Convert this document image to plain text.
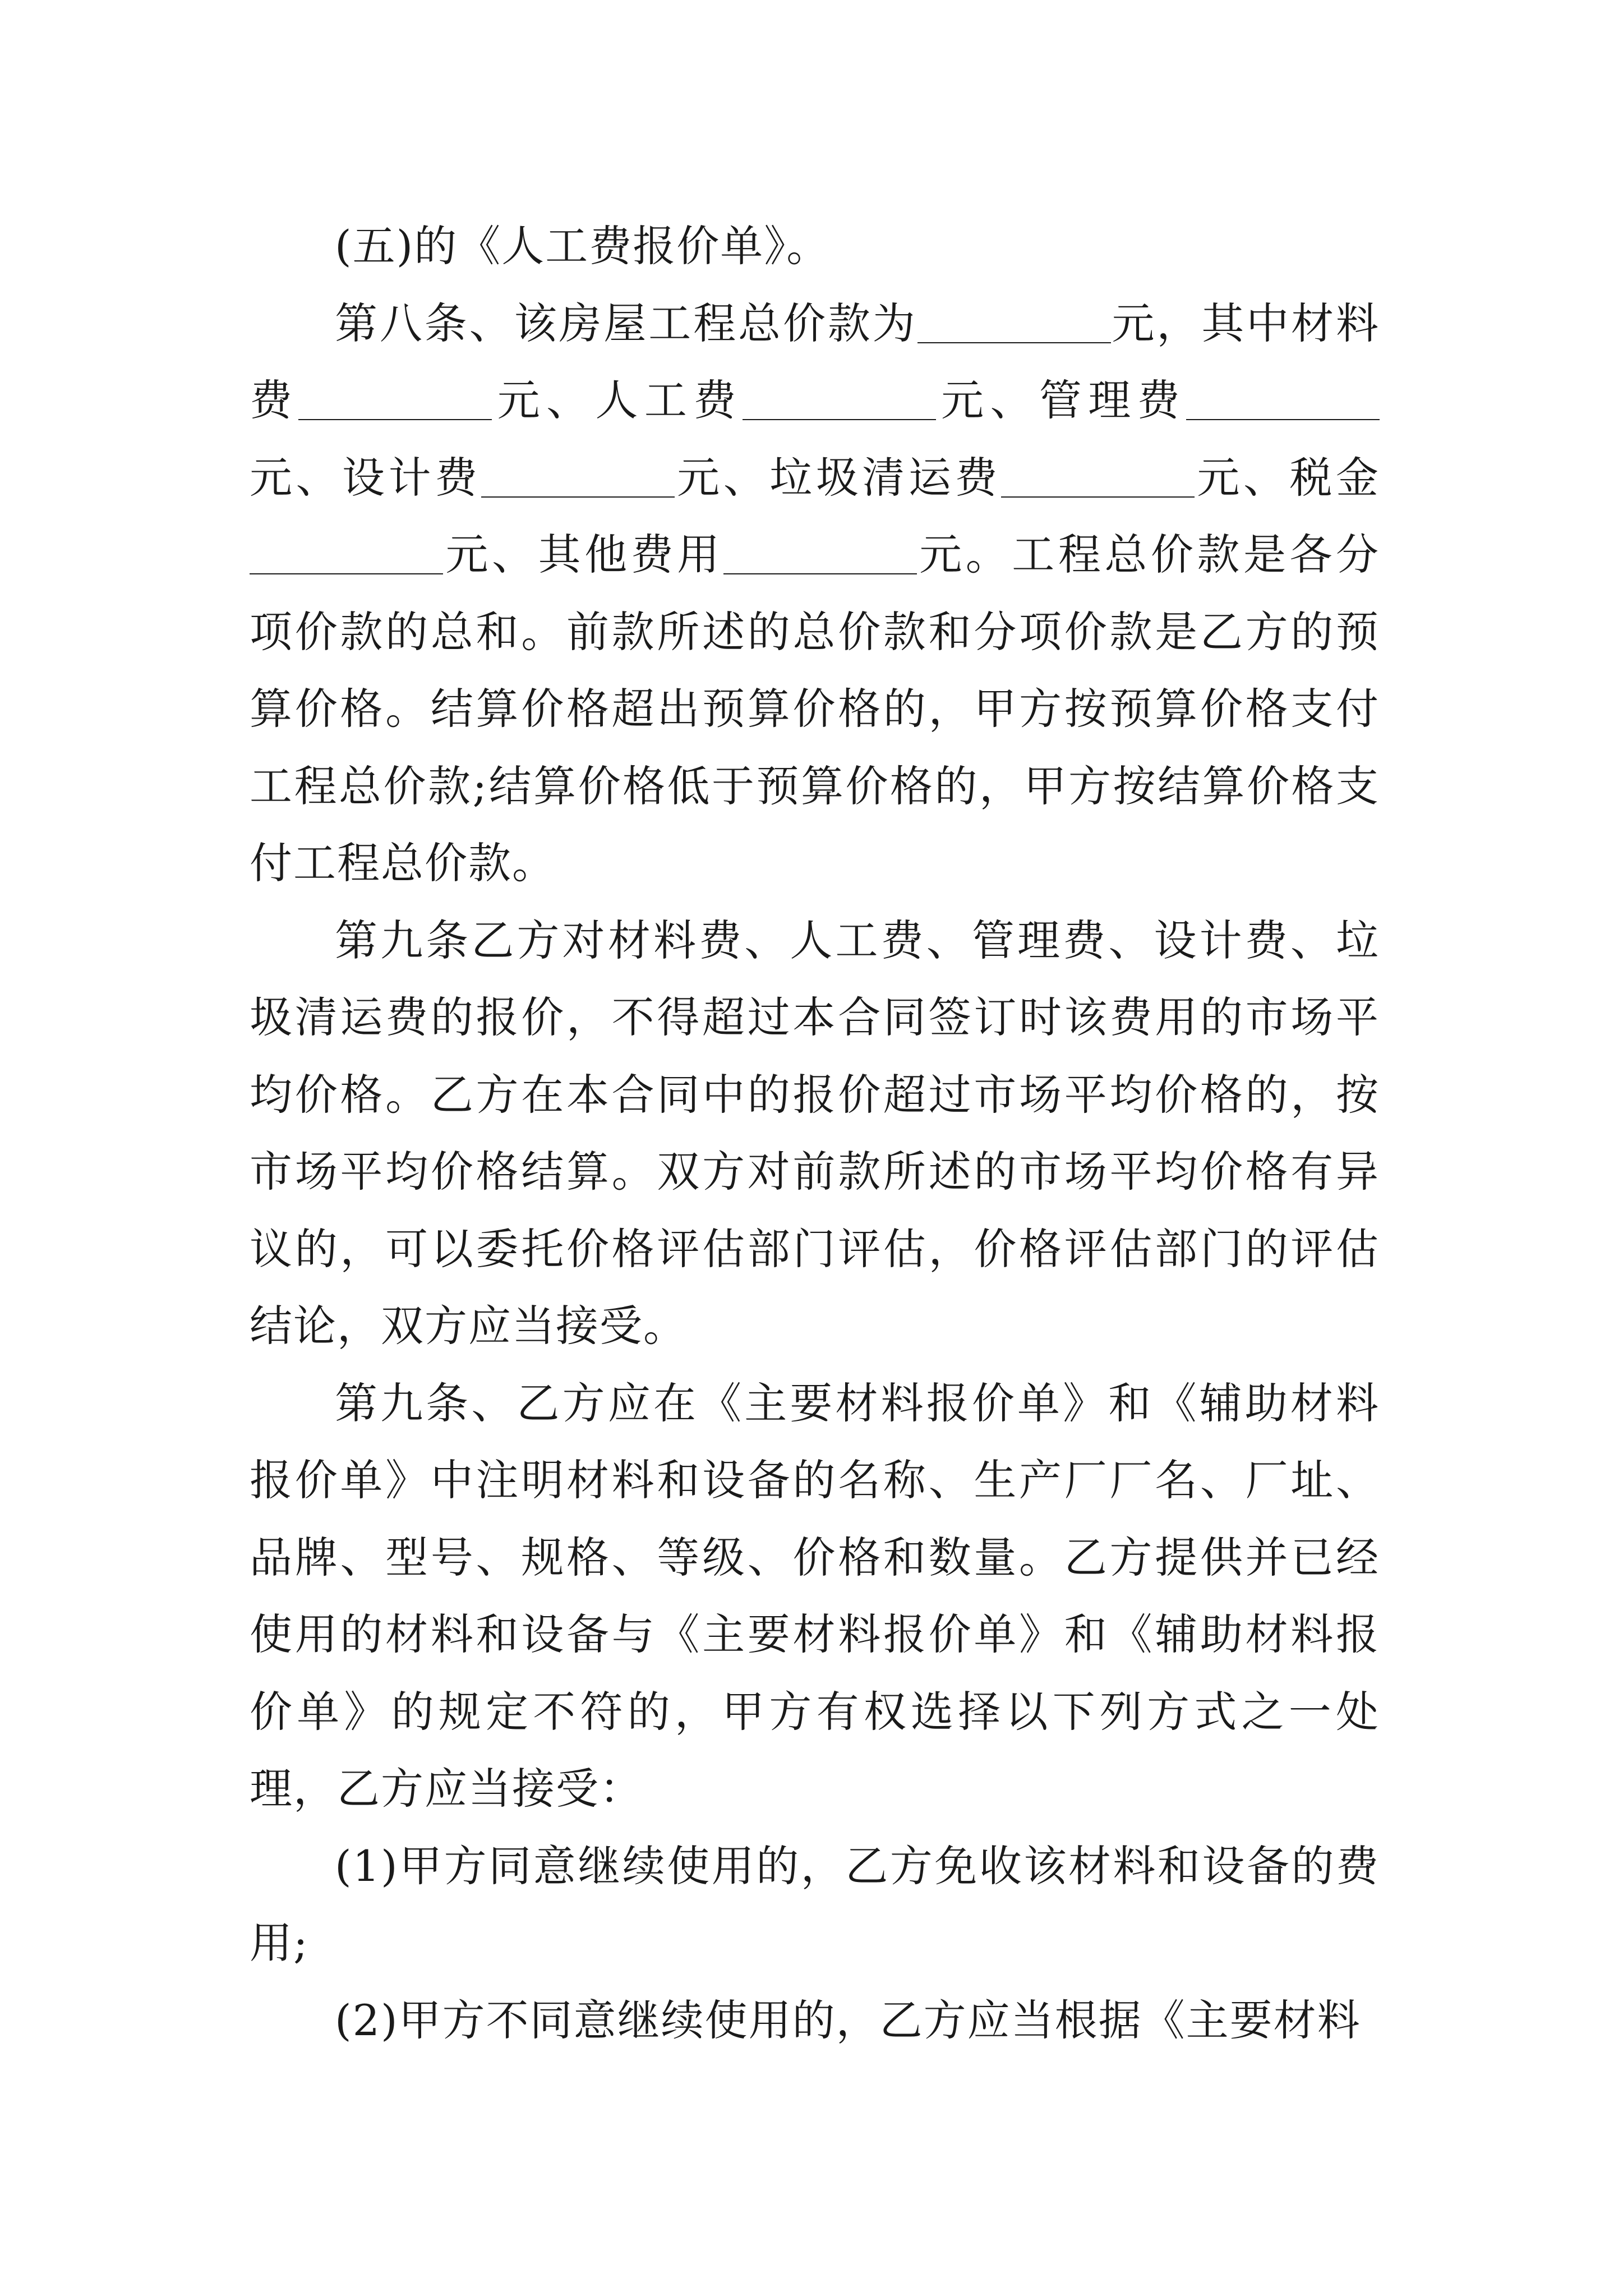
(五)的《人工费报价单》。

第八条、该房屋工程总价款为	元，其中材料费	元、人工费	元、管理费元、设计费	元、垃圾清运费	元、税金元、其他费用	元。工程总价款是各分项价款的总和。前款所述的总价款和分项价款是乙方的预算价格。结算价格超出预算价格的，甲方按预算价格支付工程总价款;结算价格低于预算价格的，甲方按结算价格支付工程总价款。

第九条乙方对材料费、人工费、管理费、设计费、垃圾清运费的报价，不得超过本合同签订时该费用的市场平均价格。乙方在本合同中的报价超过市场平均价格的，按市场平均价格结算。双方对前款所述的市场平均价格有异议的，可以委托价格评估部门评估，价格评估部门的评估结论，双方应当接受。

第九条、乙方应在《主要材料报价单》和《辅助材料报价单》中注明材料和设备的名称、生产厂厂名、厂址、品牌、型号、规格、等级、价格和数量。乙方提供并已经使用的材料和设备与《主要材料报价单》和《辅助材料报价单》的规定不符的，甲方有权选择以下列方式之一处理，乙方应当接受：

(1)甲方同意继续使用的，乙方免收该材料和设备的费用;

(2)甲方不同意继续使用的，乙方应当根据《主要材料
